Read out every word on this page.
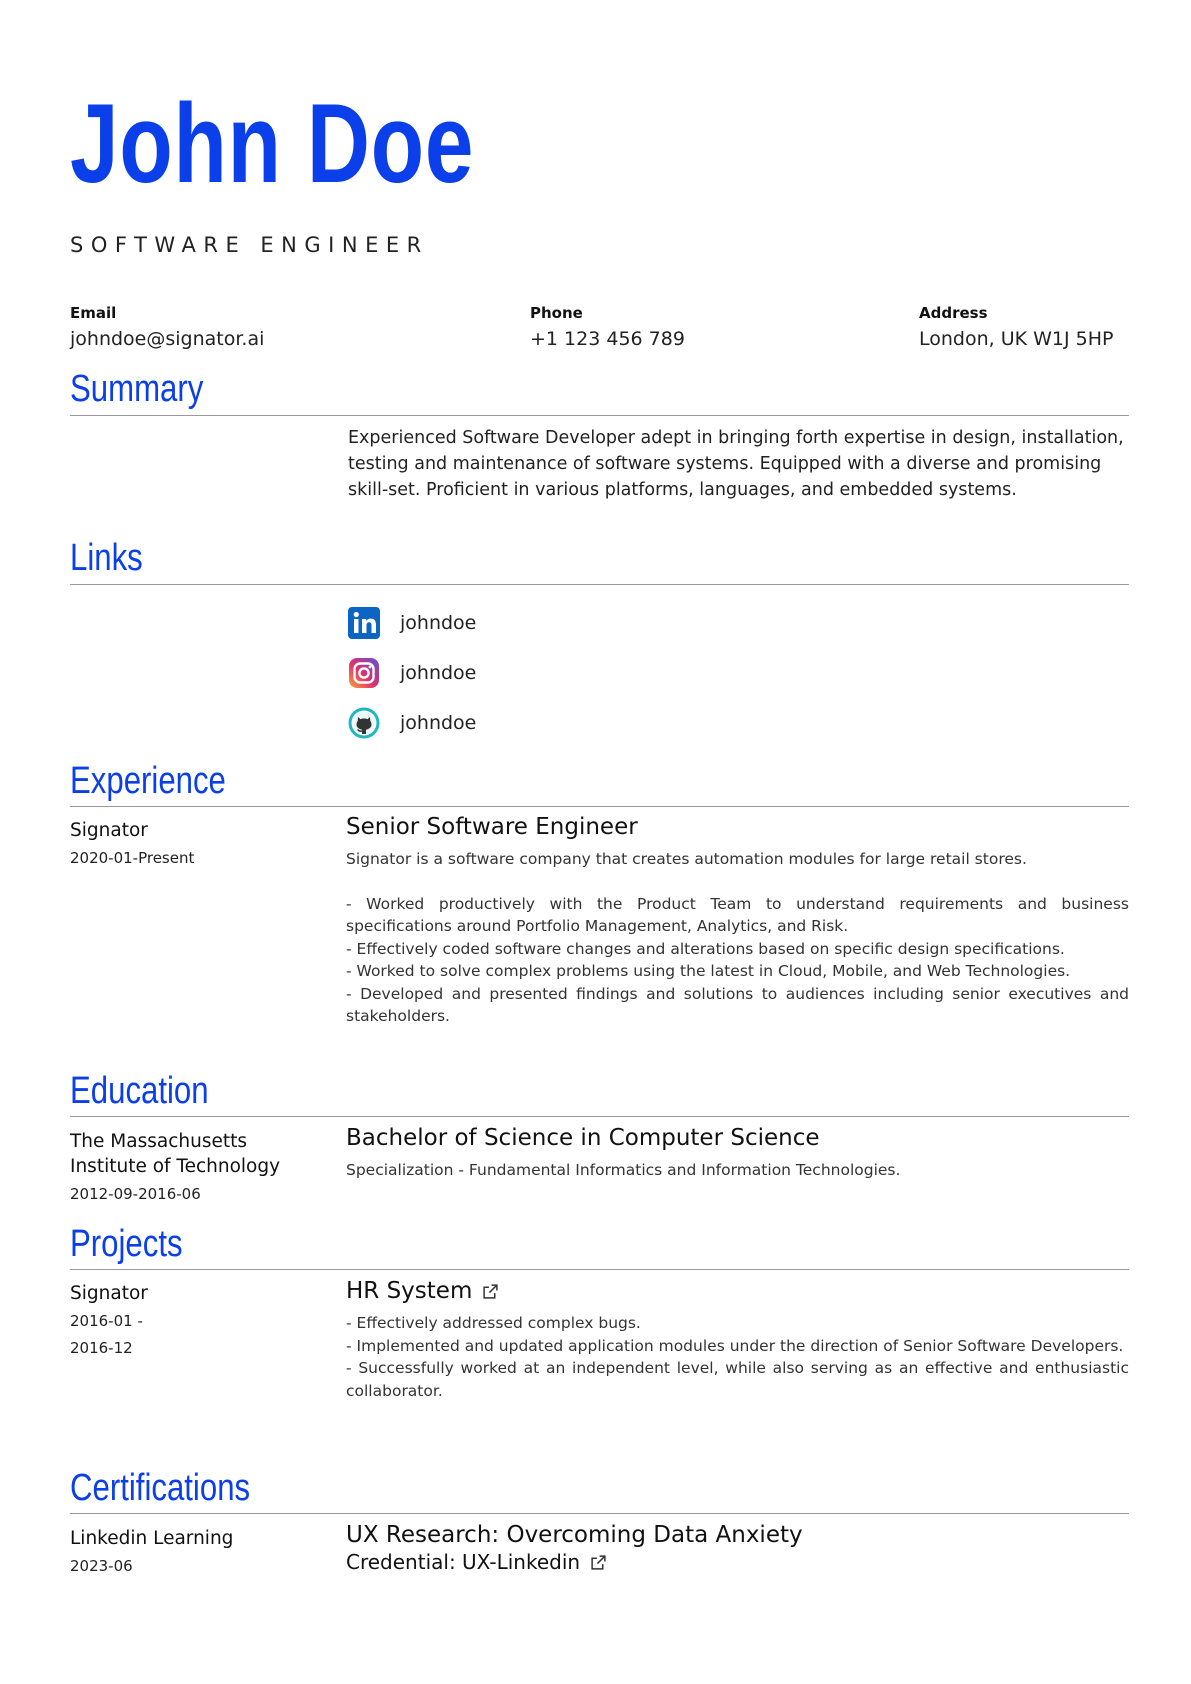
John Doe
SOFTWARE ENGINEER
Email
johndoe@signator.ai
Phone
+1 123 456 789
Address
London, UK W1J 5HP
Summary
Experienced Software Developer adept in bringing forth expertise in design, installation, testing and maintenance of software systems. Equipped with a diverse and promising skill-set. Proficient in various platforms, languages, and embedded systems.
Links
johndoe
johndoe
johndoe
Experience
Signator
2020-01-Present
Senior Software Engineer

Signator is a software company that creates automation modules for large retail stores.

- Worked productively with the Product Team to understand requirements and business specifications around Portfolio Management, Analytics, and Risk.

- Effectively coded software changes and alterations based on specific design specifications.

- Worked to solve complex problems using the latest in Cloud, Mobile, and Web Technologies.

- Developed and presented findings and solutions to audiences including senior executives and stakeholders.

Education
The Massachusetts Institute of Technology
2012-09-2016-06
Bachelor of Science in Computer Science
Specialization - Fundamental Informatics and Information Technologies.
Projects
Signator
2016-01 -
2016-12
HR System

- Effectively addressed complex bugs.

- Implemented and updated application modules under the direction of Senior Software Developers.

- Successfully worked at an independent level, while also serving as an effective and enthusiastic collaborator.

Certifications
Linkedin Learning
2023-06
UX Research: Overcoming Data Anxiety
Credential: UX-Linkedin
